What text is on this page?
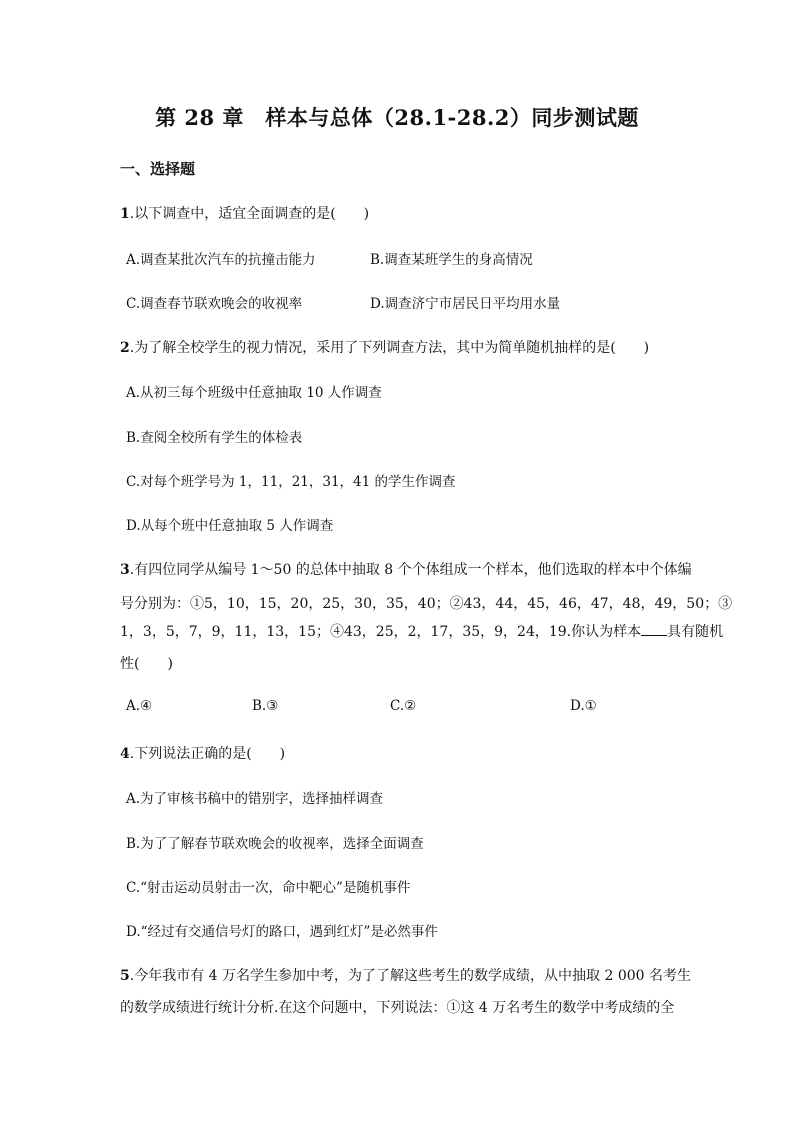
第 28 章　样本与总体（28.1-28.2）同步测试题
一、选择题
1.以下调查中，适宜全面调查的是(　　)
A.调查某批次汽车的抗撞击能力	B.调查某班学生的身高情况
C.调查春节联欢晚会的收视率	D.调查济宁市居民日平均用水量
2.为了解全校学生的视力情况，采用了下列调查方法，其中为简单随机抽样的是(　　)
A.从初三每个班级中任意抽取 10 人作调查
B.查阅全校所有学生的体检表
C.对每个班学号为 1，11，21，31，41 的学生作调查
D.从每个班中任意抽取 5 人作调查
3.有四位同学从编号 1～50 的总体中抽取 8 个个体组成一个样本，他们选取的样本中个体编
号分别为：①5，10，15，20，25，30，35，40；②43，44，45，46，47，48，49，50；③
1，3，5，7，9，11，13，15；④43，25，2，17，35，9，24，19.你认为样本 具有随机
性(　　)
A.④	B.③	C.②	D.①
4.下列说法正确的是(　　)
A.为了审核书稿中的错别字，选择抽样调查
B.为了了解春节联欢晚会的收视率，选择全面调查
C.“射击运动员射击一次，命中靶心”是随机事件
D.“经过有交通信号灯的路口，遇到红灯”是必然事件
5.今年我市有 4 万名学生参加中考，为了了解这些考生的数学成绩，从中抽取 2 000 名考生
的数学成绩进行统计分析.在这个问题中，下列说法：①这 4 万名考生的数学中考成绩的全
